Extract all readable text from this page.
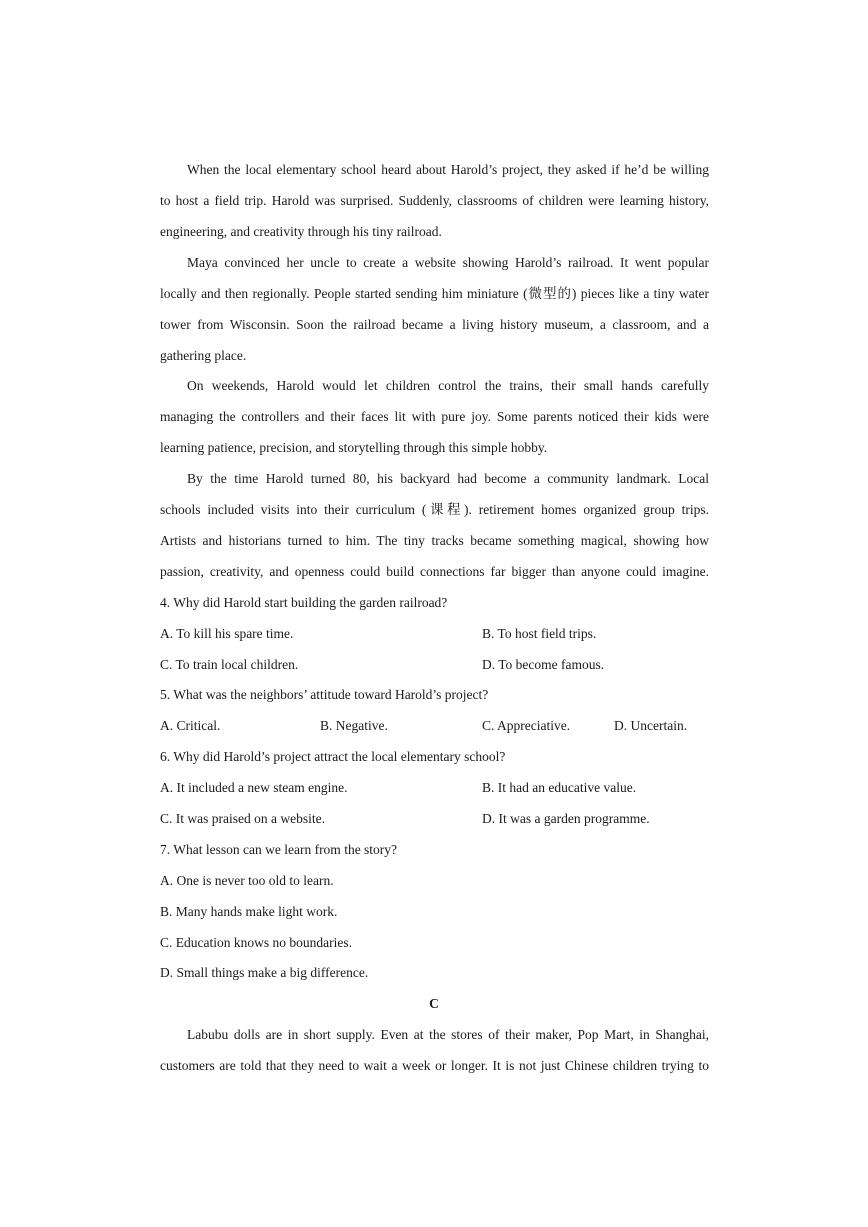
When the local elementary school heard about Harold’s project, they asked if he’d be willing
to host a field trip. Harold was surprised. Suddenly, classrooms of children were learning history,
engineering, and creativity through his tiny railroad.
Maya convinced her uncle to create a website showing Harold’s railroad. It went popular
locally and then regionally. People started sending him miniature (微型的) pieces like a tiny water
tower from Wisconsin. Soon the railroad became a living history museum, a classroom, and a
gathering place.
On weekends, Harold would let children control the trains, their small hands carefully
managing the controllers and their faces lit with pure joy. Some parents noticed their kids were
learning patience, precision, and storytelling through this simple hobby.
By the time Harold turned 80, his backyard had become a community landmark. Local
schools included visits into their curriculum (课程). retirement homes organized group trips.
Artists and historians turned to him. The tiny tracks became something magical, showing how
passion, creativity, and openness could build connections far bigger than anyone could imagine.
4. Why did Harold start building the garden railroad?
A. To kill his spare time.	B. To host field trips.
C. To train local children.	D. To become famous.
5. What was the neighbors’ attitude toward Harold’s project?
A. Critical.	B. Negative.	C. Appreciative.	D. Uncertain.
6. Why did Harold’s project attract the local elementary school?
A. It included a new steam engine.	B. It had an educative value.
C. It was praised on a website.	D. It was a garden programme.
7. What lesson can we learn from the story?
A. One is never too old to learn.
B. Many hands make light work.
C. Education knows no boundaries.
D. Small things make a big difference.
C
Labubu dolls are in short supply. Even at the stores of their maker, Pop Mart, in Shanghai,
customers are told that they need to wait a week or longer. It is not just Chinese children trying to
